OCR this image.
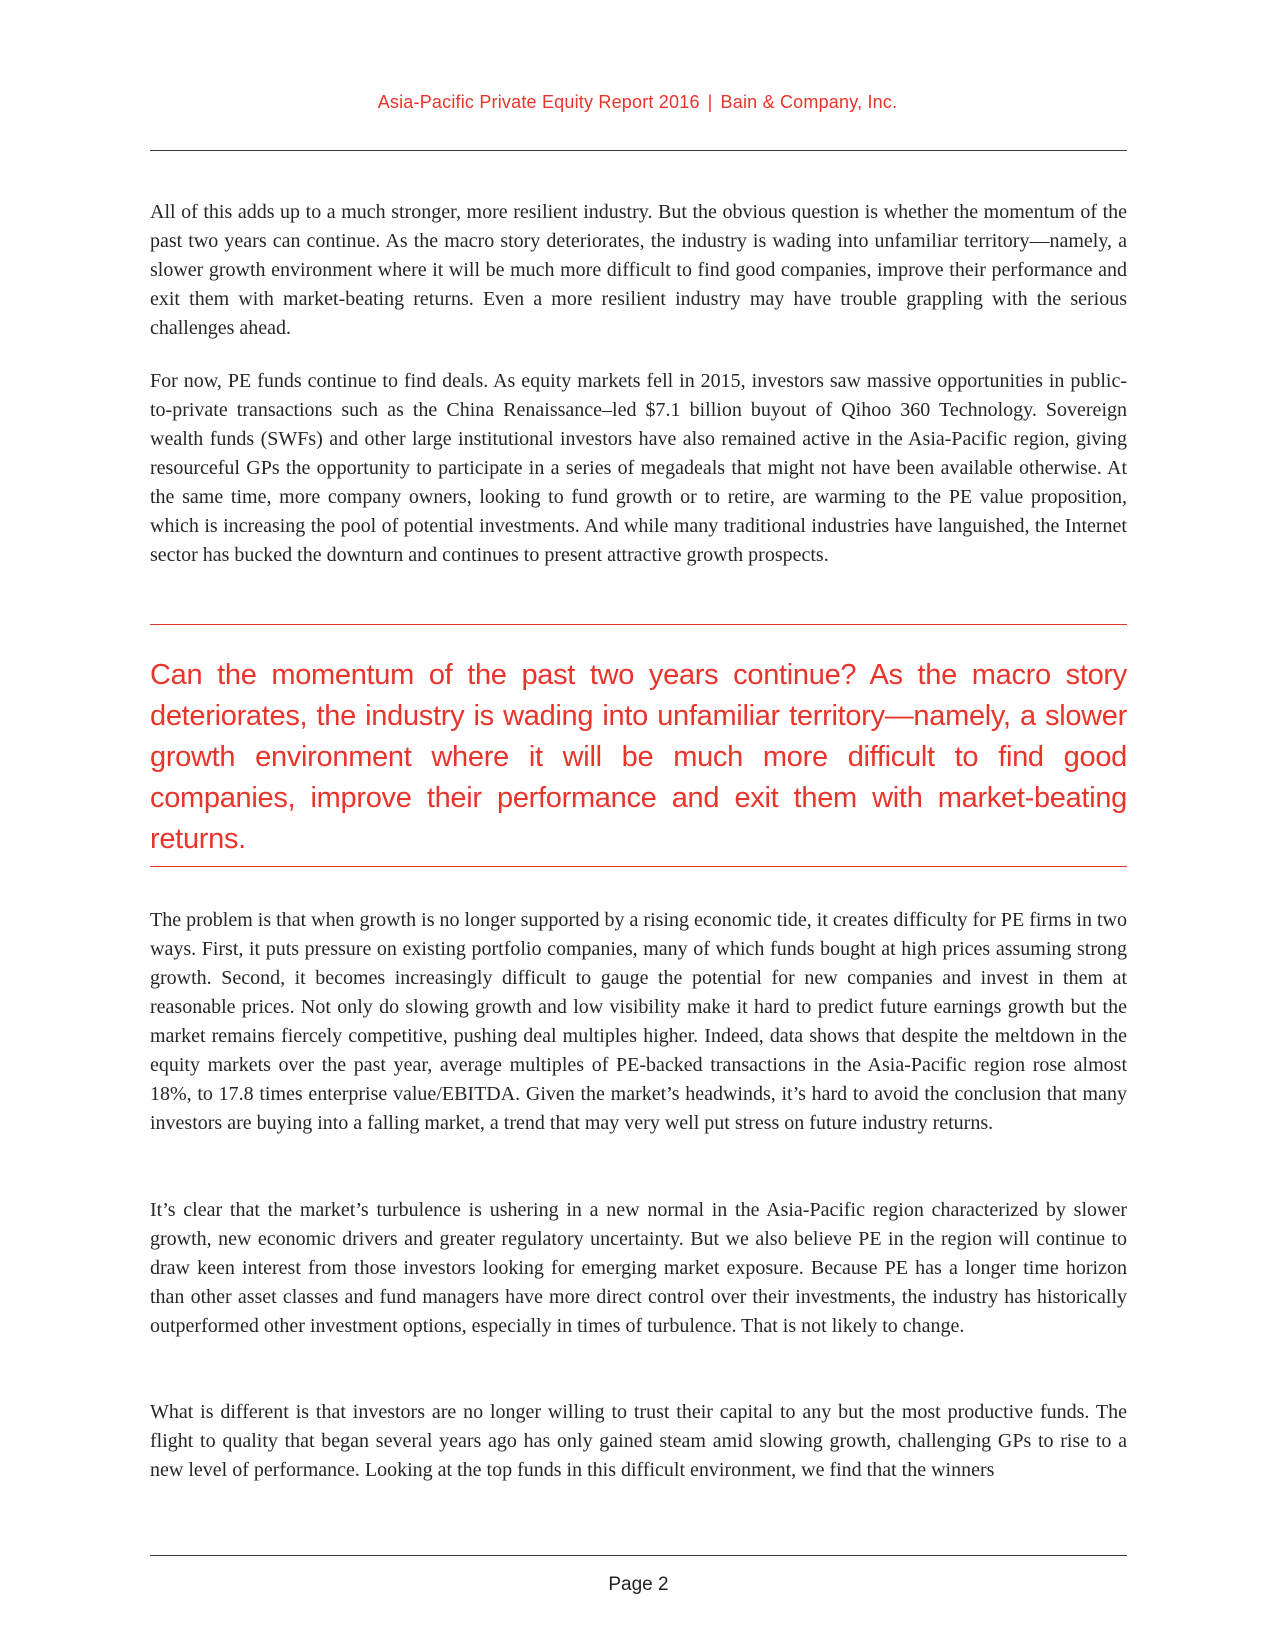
Asia-Pacific Private Equity Report 2016 | Bain & Company, Inc.

All of this adds up to a much stronger, more resilient industry. But the obvious question is whether the momentum of the past two years can continue. As the macro story deteriorates, the industry is wading into unfamiliar territory—namely, a slower growth environment where it will be much more difficult to find good companies, improve their performance and exit them with market-beating returns. Even a more resilient industry may have trouble grappling with the serious challenges ahead.

For now, PE funds continue to find deals. As equity markets fell in 2015, investors saw massive opportunities in public-to-private transactions such as the China Renaissance–led $7.1 billion buyout of Qihoo 360 Technology. Sovereign wealth funds (SWFs) and other large institutional investors have also remained active in the Asia-Pacific region, giving resourceful GPs the opportunity to participate in a series of megadeals that might not have been available otherwise. At the same time, more company owners, looking to fund growth or to retire, are warming to the PE value proposition, which is increasing the pool of potential investments. And while many traditional industries have languished, the Internet sector has bucked the downturn and continues to present attractive growth prospects.

Can the momentum of the past two years continue? As the macro story deteriorates, the industry is wading into unfamiliar territory—namely, a slower growth environment where it will be much more difficult to find good companies, improve their performance and exit them with market-beating returns.

The problem is that when growth is no longer supported by a rising economic tide, it creates difficulty for PE firms in two ways. First, it puts pressure on existing portfolio companies, many of which funds bought at high prices assuming strong growth. Second, it becomes increasingly difficult to gauge the potential for new companies and invest in them at reasonable prices. Not only do slowing growth and low visibility make it hard to predict future earnings growth but the market remains fiercely competitive, pushing deal multiples higher. Indeed, data shows that despite the meltdown in the equity markets over the past year, average multiples of PE-backed transactions in the Asia-Pacific region rose almost 18%, to 17.8 times enterprise value/EBITDA. Given the market’s headwinds, it’s hard to avoid the conclusion that many investors are buying into a falling market, a trend that may very well put stress on future industry returns.

It’s clear that the market’s turbulence is ushering in a new normal in the Asia-Pacific region characterized by slower growth, new economic drivers and greater regulatory uncertainty. But we also believe PE in the region will continue to draw keen interest from those investors looking for emerging market exposure. Because PE has a longer time horizon than other asset classes and fund managers have more direct control over their investments, the industry has historically outperformed other investment options, especially in times of turbulence. That is not likely to change.

What is different is that investors are no longer willing to trust their capital to any but the most productive funds. The flight to quality that began several years ago has only gained steam amid slowing growth, challenging GPs to rise to a new level of performance. Looking at the top funds in this difficult environment, we find that the winners

Page 2
